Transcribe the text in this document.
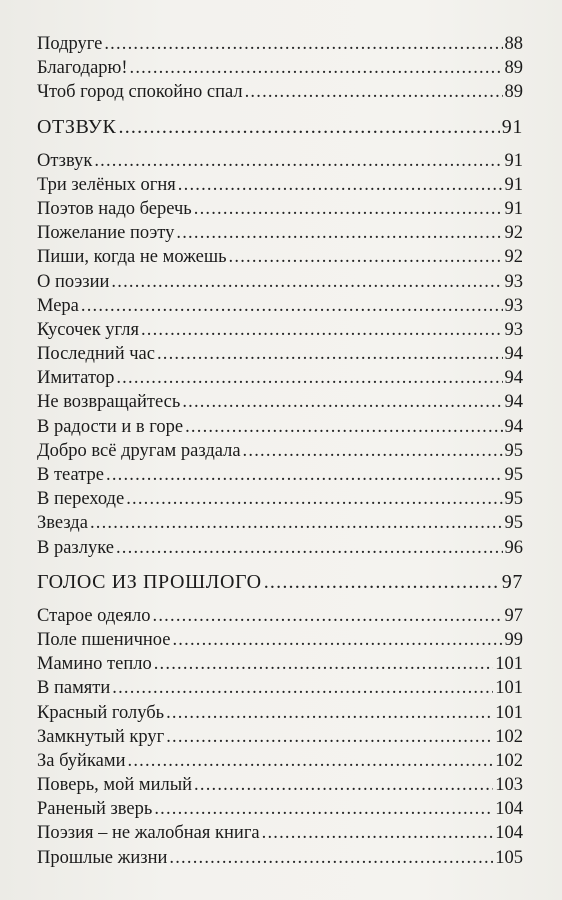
Подруге .....	88
Благодарю! .....	89
Чтоб город спокойно спал .....	89
ОТЗВУК .....	91
Отзвук .....	91
Три зелёных огня .....	91
Поэтов надо беречь .....	91
Пожелание поэту .....	92
Пиши, когда не можешь .....	92
О поэзии .....	93
Мера .....	93
Кусочек угля .....	93
Последний час .....	94
Имитатор .....	94
Не возвращайтесь .....	94
В радости и в горе .....	94
Добро всё другам раздала .....	95
В театре .....	95
В переходе .....	95
Звезда .....	95
В разлуке .....	96
ГОЛОС ИЗ ПРОШЛОГО .....	97
Старое одеяло .....	97
Поле пшеничное .....	99
Мамино тепло .....	101
В памяти .....	101
Красный голубь .....	101
Замкнутый круг .....	102
За буйками .....	102
Поверь, мой милый .....	103
Раненый зверь .....	104
Поэзия – не жалобная книга .....	104
Прошлые жизни .....	105
